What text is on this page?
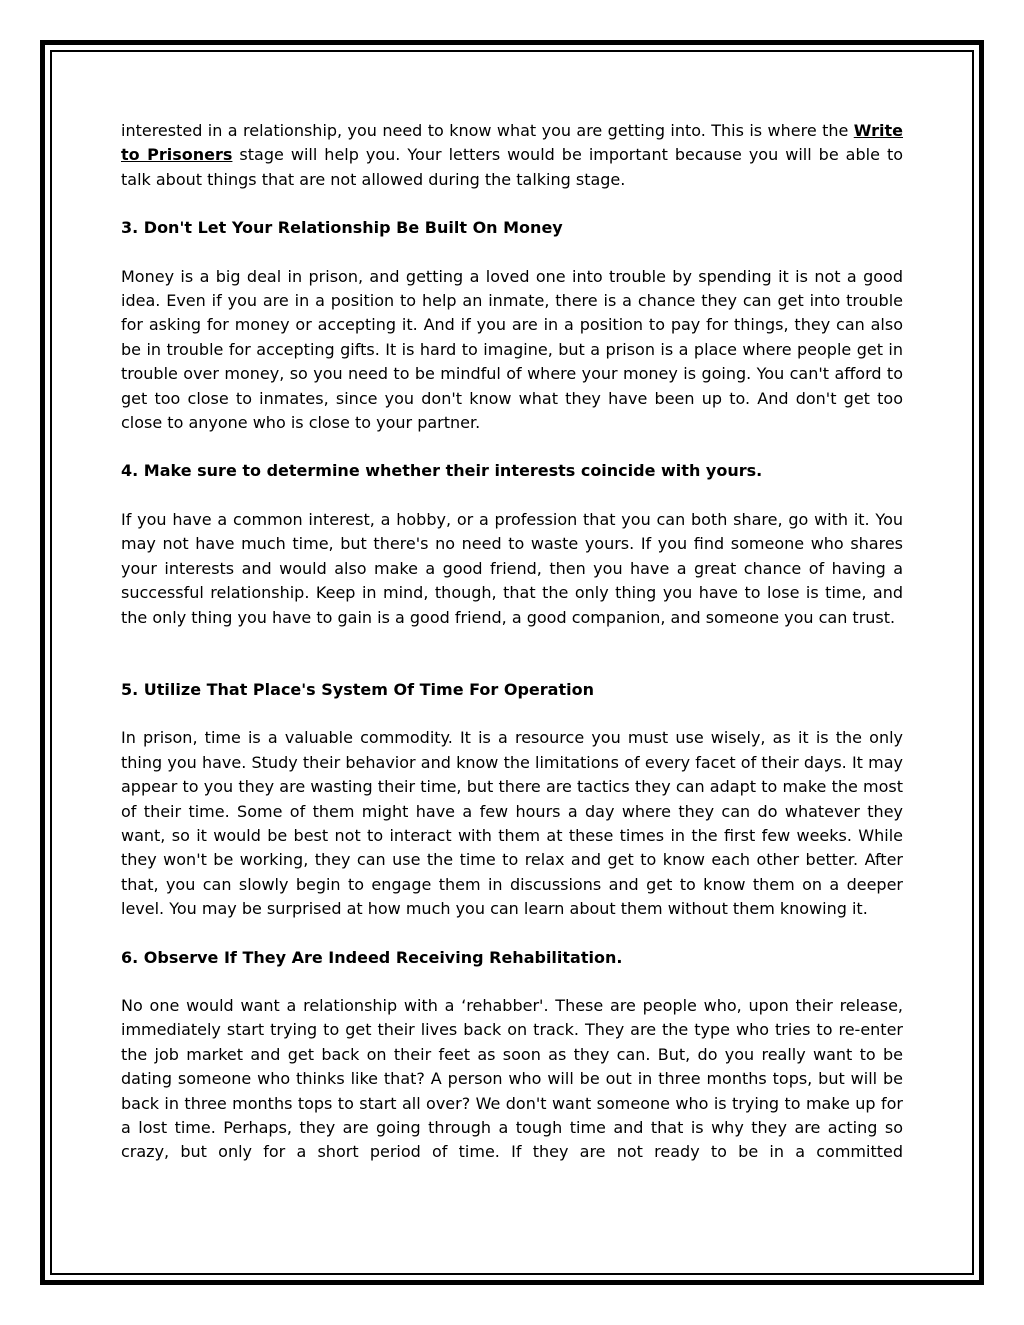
interested in a relationship, you need to know what you are getting into. This is where the Write to Prisoners stage will help you. Your letters would be important because you will be able to talk about things that are not allowed during the talking stage.

3. Don't Let Your Relationship Be Built On Money

Money is a big deal in prison, and getting a loved one into trouble by spending it is not a good idea. Even if you are in a position to help an inmate, there is a chance they can get into trouble for asking for money or accepting it. And if you are in a position to pay for things, they can also be in trouble for accepting gifts. It is hard to imagine, but a prison is a place where people get in trouble over money, so you need to be mindful of where your money is going. You can't afford to get too close to inmates, since you don't know what they have been up to. And don't get too close to anyone who is close to your partner.

4. Make sure to determine whether their interests coincide with yours.

If you have a common interest, a hobby, or a profession that you can both share, go with it. You may not have much time, but there's no need to waste yours. If you find someone who shares your interests and would also make a good friend, then you have a great chance of having a successful relationship. Keep in mind, though, that the only thing you have to lose is time, and the only thing you have to gain is a good friend, a good companion, and someone you can trust.

5. Utilize That Place's System Of Time For Operation

In prison, time is a valuable commodity. It is a resource you must use wisely, as it is the only thing you have. Study their behavior and know the limitations of every facet of their days. It may appear to you they are wasting their time, but there are tactics they can adapt to make the most of their time. Some of them might have a few hours a day where they can do whatever they want, so it would be best not to interact with them at these times in the first few weeks. While they won't be working, they can use the time to relax and get to know each other better. After that, you can slowly begin to engage them in discussions and get to know them on a deeper level. You may be surprised at how much you can learn about them without them knowing it.

6. Observe If They Are Indeed Receiving Rehabilitation.

No one would want a relationship with a ‘rehabber'. These are people who, upon their release, immediately start trying to get their lives back on track. They are the type who tries to re-enter the job market and get back on their feet as soon as they can. But, do you really want to be dating someone who thinks like that? A person who will be out in three months tops, but will be back in three months tops to start all over? We don't want someone who is trying to make up for a lost time. Perhaps, they are going through a tough time and that is why they are acting so crazy, but only for a short period of time. If they are not ready to be in a committed
